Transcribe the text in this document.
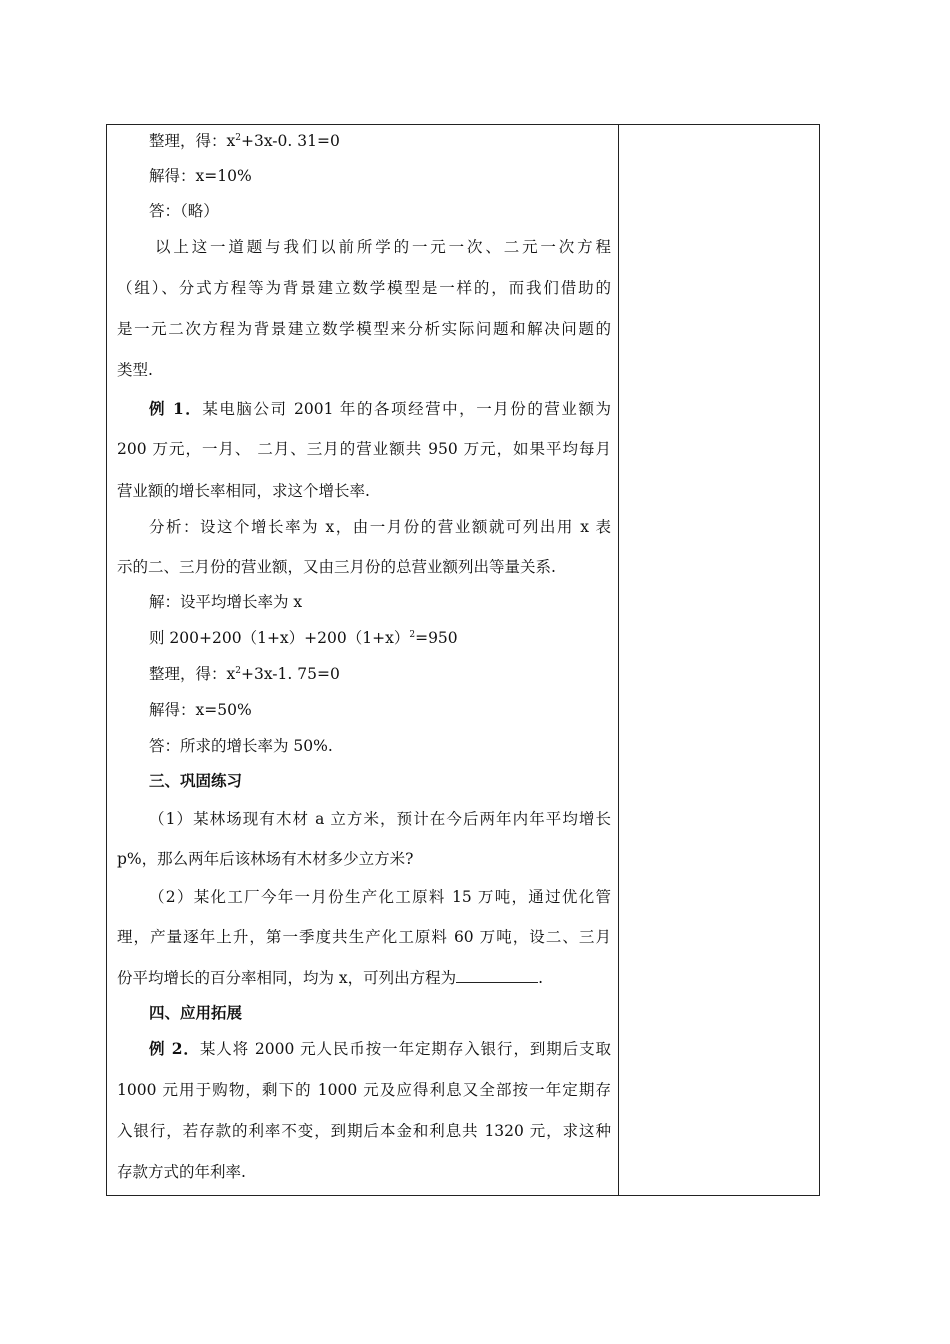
整理，得：$x^2+3x-0$. 31=0
解得：x=10%
答：（略）
以上这一道题与我们以前所学的一元一次、二元一次方程
（组）、分式方程等为背景建立数学模型是一样的，而我们借助的
是一元二次方程为背景建立数学模型来分析实际问题和解决问题的
类型.
例 1．某电脑公司 2001 年的各项经营中，一月份的营业额为
200 万元，一月、 二月、三月的营业额共 950 万元，如果平均每月
营业额的增长率相同，求这个增长率.
分析：设这个增长率为 x，由一月份的营业额就可列出用 x 表
示的二、三月份的营业额，又由三月份的总营业额列出等量关系.
解：设平均增长率为 x
则 $200+200(1+x)+200(1+x)^2=950$
整理，得：$x^2+3x-1$. 75=0
解得：x=50%
答：所求的增长率为 50%.
三、巩固练习
（1）某林场现有木材 a 立方米，预计在今后两年内年平均增长
p%，那么两年后该林场有木材多少立方米?
（2）某化工厂今年一月份生产化工原料 15 万吨，通过优化管
理，产量逐年上升，第一季度共生产化工原料 60 万吨，设二、三月
份平均增长的百分率相同，均为 x，可列出方程为	.
四、应用拓展
例 2．某人将 2000 元人民币按一年定期存入银行，到期后支取
1000 元用于购物，剩下的 1000 元及应得利息又全部按一年定期存
入银行，若存款的利率不变，到期后本金和利息共 1320 元，求这种
存款方式的年利率.
